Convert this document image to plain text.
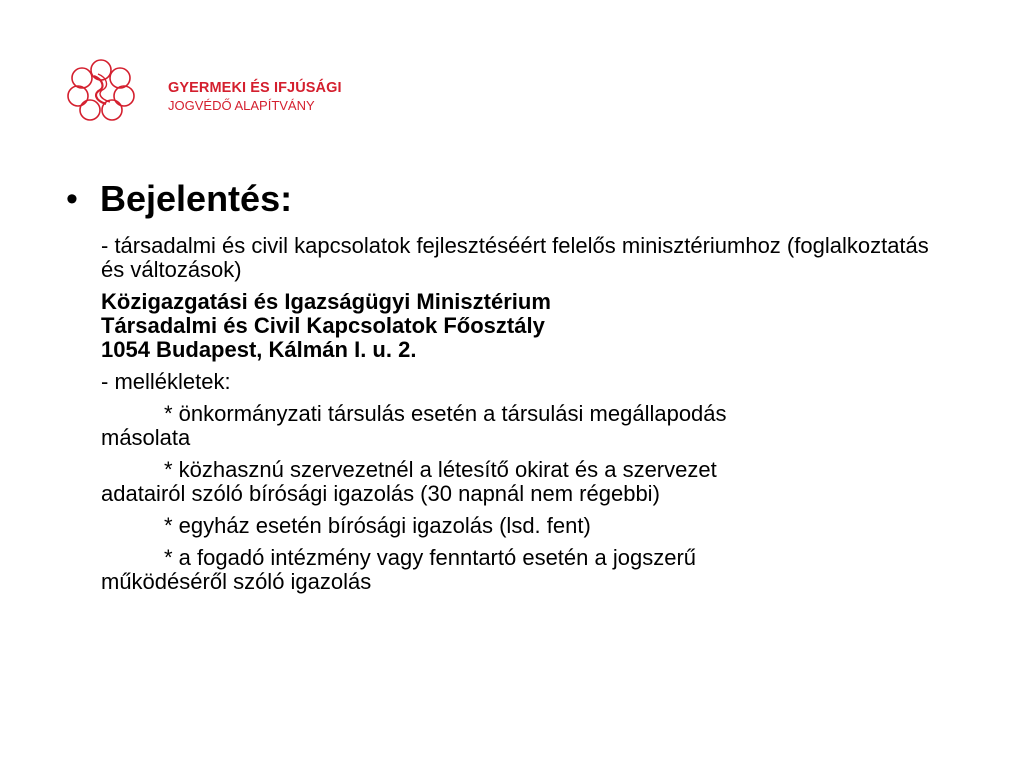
GYERMEKI ÉS IFJÚSÁGI
JOGVÉDŐ ALAPÍTVÁNY
• Bejelentés:
- társadalmi és civil kapcsolatok fejlesztéséért felelős minisztériumhoz (foglalkoztatás és változások)
Közigazgatási és Igazságügyi Minisztérium
Társadalmi és Civil Kapcsolatok Főosztály
1054 Budapest, Kálmán I. u. 2.
- mellékletek:
* önkormányzati társulás esetén a társulási megállapodás
másolata
* közhasznú szervezetnél a létesítő okirat és a szervezet
adatairól szóló bírósági igazolás (30 napnál nem régebbi)
* egyház esetén bírósági igazolás (lsd. fent)
* a fogadó intézmény vagy fenntartó esetén a jogszerű
működéséről szóló igazolás
